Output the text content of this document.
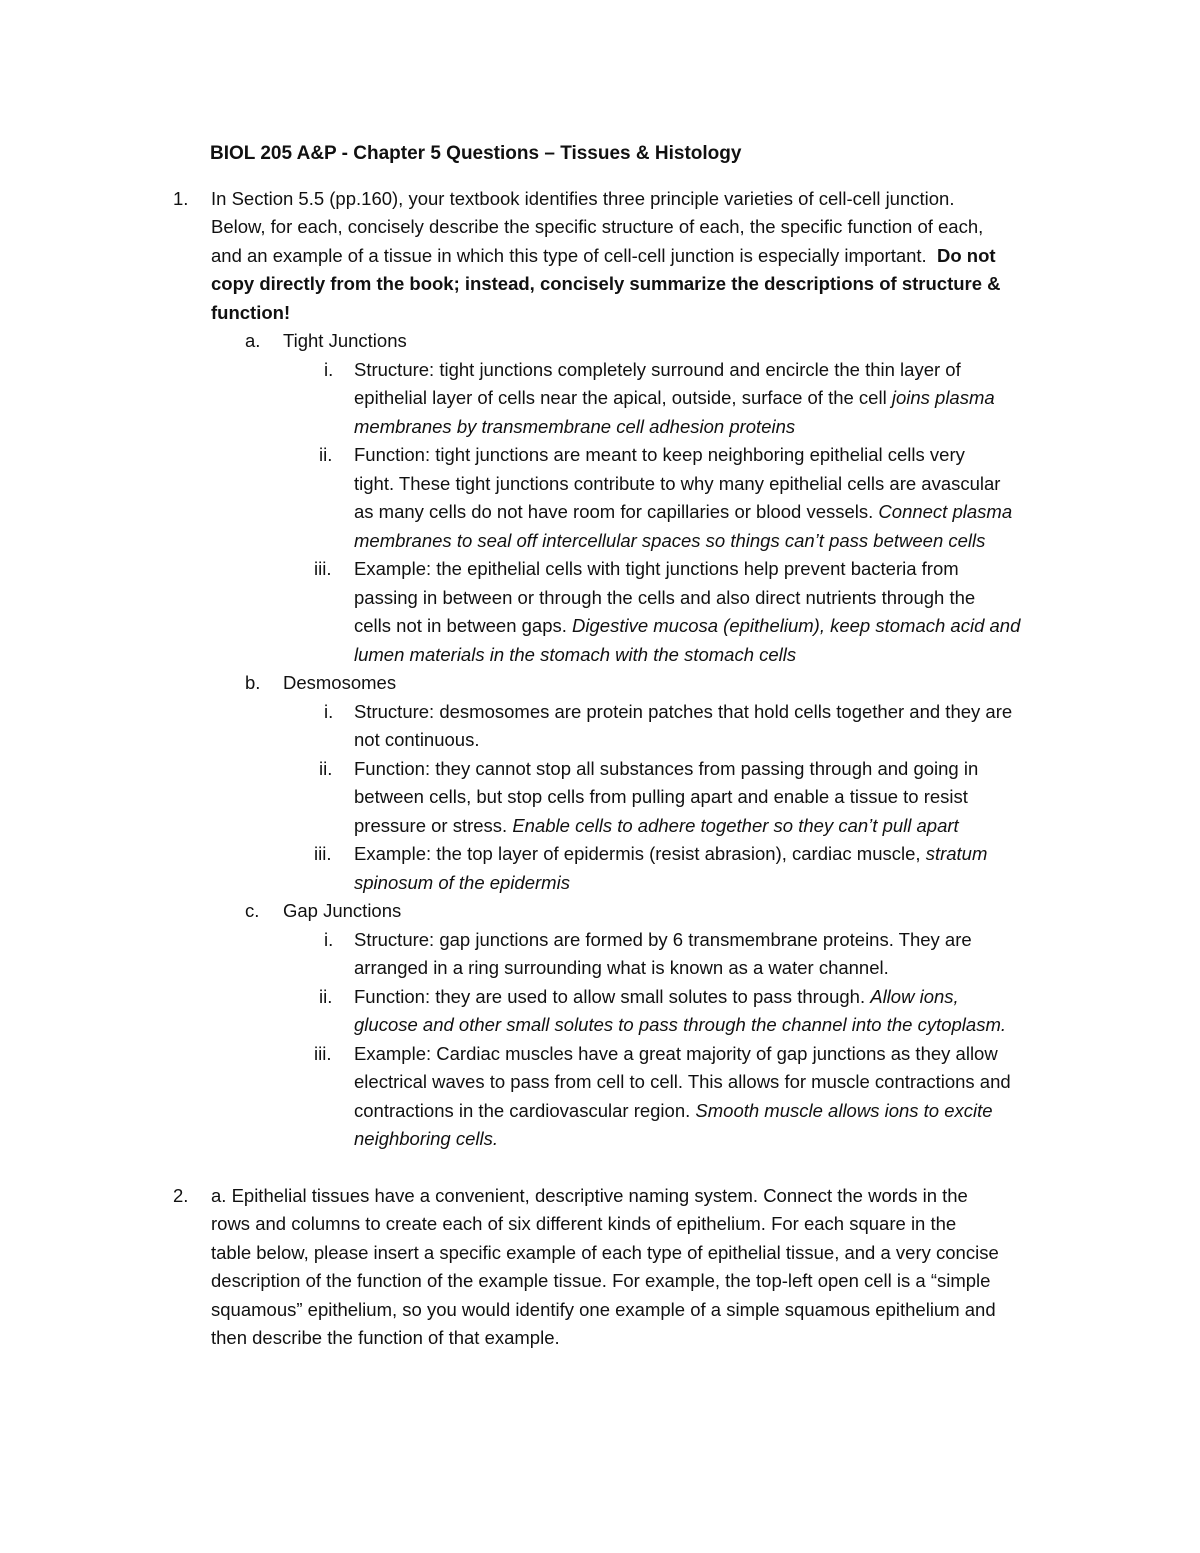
BIOL 205 A&P - Chapter 5 Questions – Tissues & Histology
1. In Section 5.5 (pp.160), your textbook identifies three principle varieties of cell-cell junction.
Below, for each, concisely describe the specific structure of each, the specific function of each,
and an example of a tissue in which this type of cell-cell junction is especially important. Do not
copy directly from the book; instead, concisely summarize the descriptions of structure &
function!
a. Tight Junctions
i. Structure: tight junctions completely surround and encircle the thin layer of
epithelial layer of cells near the apical, outside, surface of the cell joins plasma
membranes by transmembrane cell adhesion proteins
ii. Function: tight junctions are meant to keep neighboring epithelial cells very
tight. These tight junctions contribute to why many epithelial cells are avascular
as many cells do not have room for capillaries or blood vessels. Connect plasma
membranes to seal off intercellular spaces so things can’t pass between cells
iii. Example: the epithelial cells with tight junctions help prevent bacteria from
passing in between or through the cells and also direct nutrients through the
cells not in between gaps. Digestive mucosa (epithelium), keep stomach acid and
lumen materials in the stomach with the stomach cells
b. Desmosomes
i. Structure: desmosomes are protein patches that hold cells together and they are
not continuous.
ii. Function: they cannot stop all substances from passing through and going in
between cells, but stop cells from pulling apart and enable a tissue to resist
pressure or stress. Enable cells to adhere together so they can’t pull apart
iii. Example: the top layer of epidermis (resist abrasion), cardiac muscle, stratum
spinosum of the epidermis
c. Gap Junctions
i. Structure: gap junctions are formed by 6 transmembrane proteins. They are
arranged in a ring surrounding what is known as a water channel.
ii. Function: they are used to allow small solutes to pass through. Allow ions,
glucose and other small solutes to pass through the channel into the cytoplasm.
iii. Example: Cardiac muscles have a great majority of gap junctions as they allow
electrical waves to pass from cell to cell. This allows for muscle contractions and
contractions in the cardiovascular region. Smooth muscle allows ions to excite
neighboring cells.
2. a. Epithelial tissues have a convenient, descriptive naming system. Connect the words in the
rows and columns to create each of six different kinds of epithelium. For each square in the
table below, please insert a specific example of each type of epithelial tissue, and a very concise
description of the function of the example tissue. For example, the top-left open cell is a “simple
squamous” epithelium, so you would identify one example of a simple squamous epithelium and
then describe the function of that example.
